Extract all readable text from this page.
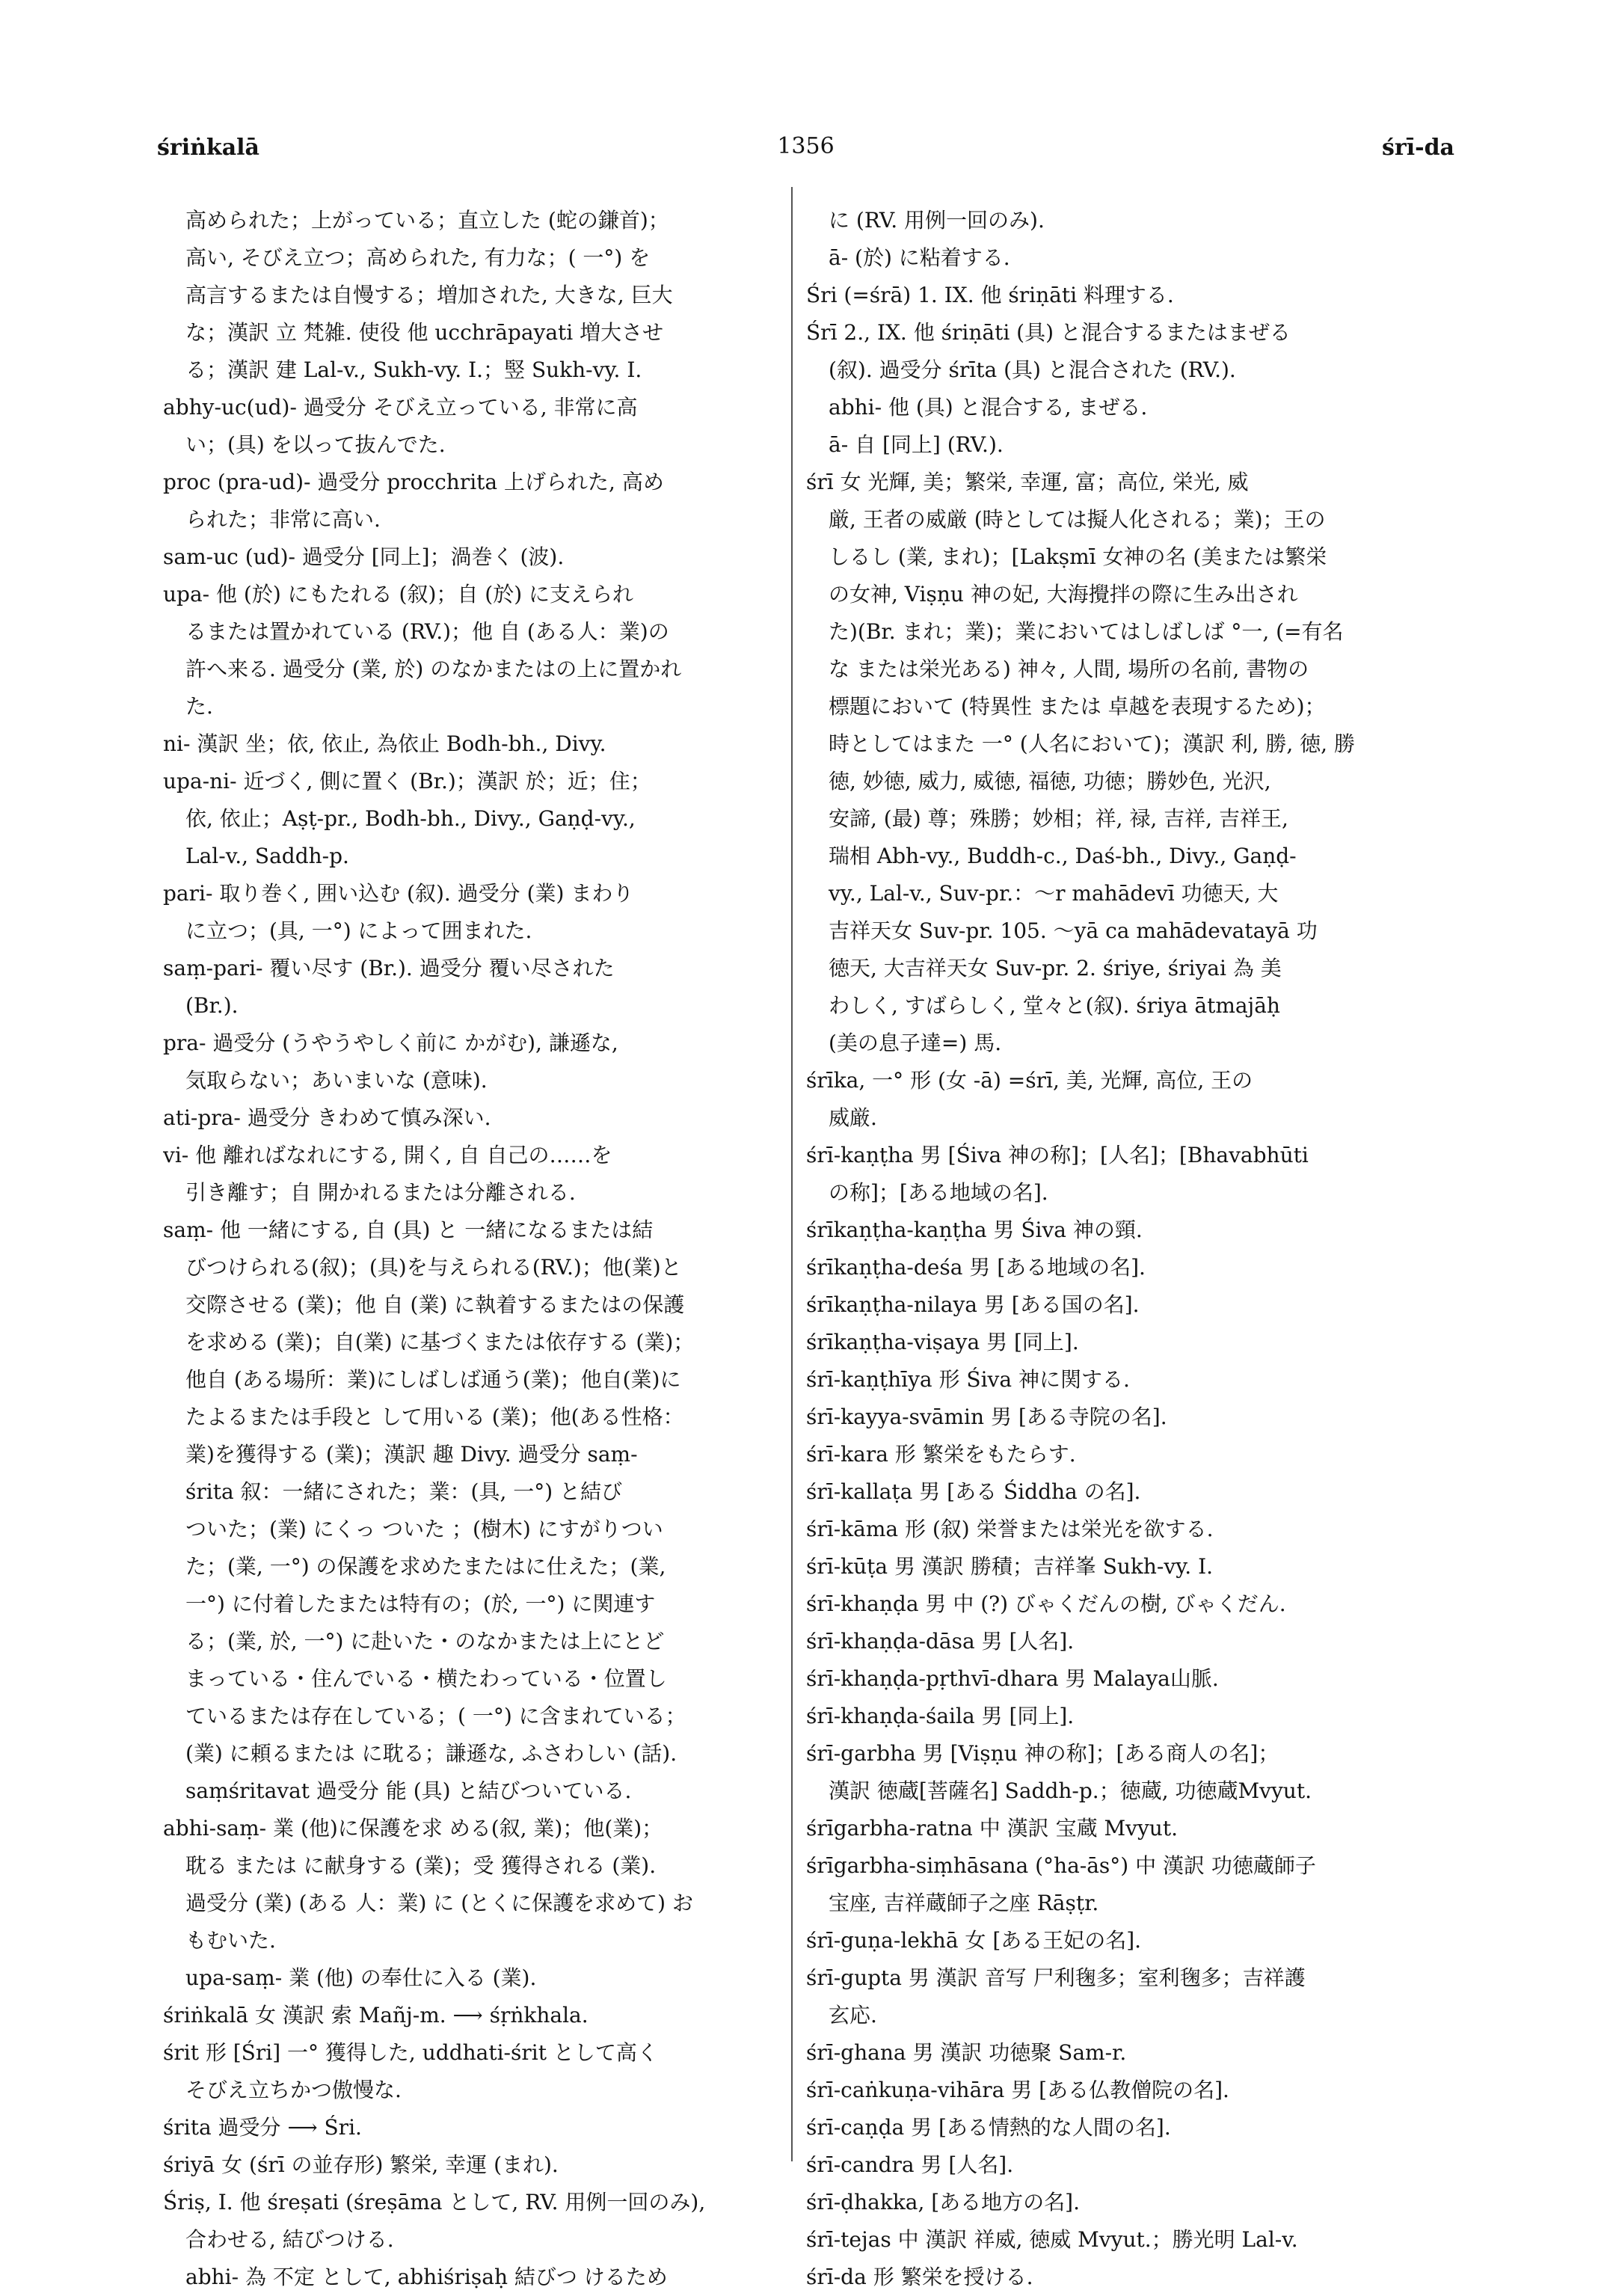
śriṅkalā	1356	śrī-da
高められた；上がっている；直立した (蛇の鎌首)；
高い, そびえ立つ；高められた, 有力な；( 一°) を
高言するまたは自慢する；増加された, 大きな, 巨大
な；漢訳 立 梵雑. 使役 他 ucchrāpayati 増大させ
る；漢訳 建 Lal-v., Sukh-vy. I.；竪 Sukh-vy. I.
abhy-uc(ud)- 過受分 そびえ立っている, 非常に高
い；(具) を以って抜んでた.
proc (pra-ud)- 過受分 procchrita 上げられた, 高め
られた；非常に高い.
sam-uc (ud)- 過受分 [同上]；渦巻く (波).
upa- 他 (於) にもたれる (叙)；自 (於) に支えられ
るまたは置かれている (RV.)；他 自 (ある人：業)の
許へ来る. 過受分 (業, 於) のなかまたはの上に置かれ
た.
ni- 漢訳 坐；依, 依止, 為依止 Bodh-bh., Divy.
upa-ni- 近づく, 側に置く (Br.)；漢訳 於；近；住；
依, 依止；Aṣṭ-pr., Bodh-bh., Divy., Gaṇḍ-vy.,
Lal-v., Saddh-p.
pari- 取り巻く, 囲い込む (叙). 過受分 (業) まわり
に立つ；(具, 一°) によって囲まれた.
saṃ-pari- 覆い尽す (Br.). 過受分 覆い尽された
(Br.).
pra- 過受分 (うやうやしく前に かがむ), 謙遜な,
気取らない；あいまいな (意味).
ati-pra- 過受分 きわめて慎み深い.
vi- 他 離ればなれにする, 開く, 自 自己の……を
引き離す；自 開かれるまたは分離される.
saṃ- 他 一緒にする, 自 (具) と 一緒になるまたは結
びつけられる(叙)；(具)を与えられる(RV.)；他(業)と
交際させる (業)；他 自 (業) に執着するまたはの保護
を求める (業)；自(業) に基づくまたは依存する (業)；
他自 (ある場所：業)にしばしば通う(業)；他自(業)に
たよるまたは手段と して用いる (業)；他(ある性格：
業)を獲得する (業)；漢訳 趣 Divy. 過受分 saṃ-
śrita 叙：一緒にされた；業：(具, 一°) と結び
ついた；(業) にくっ ついた ；(樹木) にすがりつい
た；(業, 一°) の保護を求めたまたはに仕えた；(業,
一°) に付着したまたは特有の；(於, 一°) に関連す
る；(業, 於, 一°) に赴いた・のなかまたは上にとど
まっている・住んでいる・横たわっている・位置し
ているまたは存在している；( 一°) に含まれている；
(業) に頼るまたは に耽る；謙遜な, ふさわしい (話).
saṃśritavat 過受分 能 (具) と結びついている.
abhi-saṃ- 業 (他)に保護を求 める(叙, 業)；他(業)；
耽る または に献身する (業)；受 獲得される (業).
過受分 (業) (ある 人：業) に (とくに保護を求めて) お
もむいた.
upa-saṃ- 業 (他) の奉仕に入る (業).
śriṅkalā 女 漢訳 索 Mañj-m. ⟶ śṛṅkhala.
śrit 形 [Śri] 一° 獲得した, uddhati-śrit として高く
そびえ立ちかつ傲慢な.
śrita 過受分 ⟶ Śri.
śriyā 女 (śrī の並存形) 繁栄, 幸運 (まれ).
Śriṣ, I. 他 śreṣati (śreṣāma として, RV. 用例一回のみ),
合わせる, 結びつける.
abhi- 為 不定 として, abhiśriṣaḥ 結びつ けるため
に (RV. 用例一回のみ).
ā- (於) に粘着する.
Śri (=śrā) 1. IX. 他 śriṇāti 料理する.
Śrī 2., IX. 他 śriṇāti (具) と混合するまたはまぜる
(叙). 過受分 śrīta (具) と混合された (RV.).
abhi- 他 (具) と混合する, まぜる.
ā- 自 [同上] (RV.).
śrī 女 光輝, 美；繁栄, 幸運, 富；高位, 栄光, 威
厳, 王者の威厳 (時としては擬人化される；業)；王の
しるし (業, まれ)；[Lakṣmī 女神の名 (美または繁栄
の女神, Viṣṇu 神の妃, 大海攪拌の際に生み出され
た)(Br. まれ；業)；業においてはしばしば °一, (=有名
な または栄光ある) 神々, 人間, 場所の名前, 書物の
標題において (特異性 または 卓越を表現するため)；
時としてはまた 一° (人名において)；漢訳 利, 勝, 徳, 勝
徳, 妙徳, 威力, 威徳, 福徳, 功徳；勝妙色, 光沢,
安諦, (最) 尊；殊勝；妙相；祥, 禄, 吉祥, 吉祥王,
瑞相 Abh-vy., Buddh-c., Daś-bh., Divy., Gaṇḍ-
vy., Lal-v., Suv-pr.：～r mahādevī 功徳天, 大
吉祥天女 Suv-pr. 105. ～yā ca mahādevatayā 功
徳天, 大吉祥天女 Suv-pr. 2. śriye, śriyai 為 美
わしく, すばらしく, 堂々と(叙). śriya ātmajāḥ
(美の息子達=) 馬.
śrīka, 一° 形 (女 -ā) =śrī, 美, 光輝, 高位, 王の
威厳.
śrī-kaṇṭha 男 [Śiva 神の称]；[人名]；[Bhavabhūti
の称]；[ある地域の名].
śrīkaṇṭha-kaṇṭha 男 Śiva 神の頸.
śrīkaṇṭha-deśa 男 [ある地域の名].
śrīkaṇṭha-nilaya 男 [ある国の名].
śrīkaṇṭha-viṣaya 男 [同上].
śrī-kaṇṭhīya 形 Śiva 神に関する.
śrī-kayya-svāmin 男 [ある寺院の名].
śrī-kara 形 繁栄をもたらす.
śrī-kallaṭa 男 [ある Śiddha の名].
śrī-kāma 形 (叙) 栄誉または栄光を欲する.
śrī-kūṭa 男 漢訳 勝積；吉祥峯 Sukh-vy. I.
śrī-khaṇḍa 男 中 (?) びゃくだんの樹, びゃくだん.
śrī-khaṇḍa-dāsa 男 [人名].
śrī-khaṇḍa-pṛthvī-dhara 男 Malaya山脈.
śrī-khaṇḍa-śaila 男 [同上].
śrī-garbha 男 [Viṣṇu 神の称]；[ある商人の名]；
漢訳 徳蔵[菩薩名] Saddh-p.；徳蔵, 功徳蔵Mvyut.
śrīgarbha-ratna 中 漢訳 宝蔵 Mvyut.
śrīgarbha-siṃhāsana (°ha-ās°) 中 漢訳 功徳蔵師子
宝座, 吉祥蔵師子之座 Rāṣṭr.
śrī-guṇa-lekhā 女 [ある王妃の名].
śrī-gupta 男 漢訳 音写 尸利毱多；室利毱多；吉祥護
玄応.
śrī-ghana 男 漢訳 功徳聚 Sam-r.
śrī-caṅkuṇa-vihāra 男 [ある仏教僧院の名].
śrī-caṇḍa 男 [ある情熱的な人間の名].
śrī-candra 男 [人名].
śrī-ḍhakka, [ある地方の名].
śrī-tejas 中 漢訳 祥威, 徳威 Mvyut.；勝光明 Lal-v.
śrī-da 形 繁栄を授ける.
